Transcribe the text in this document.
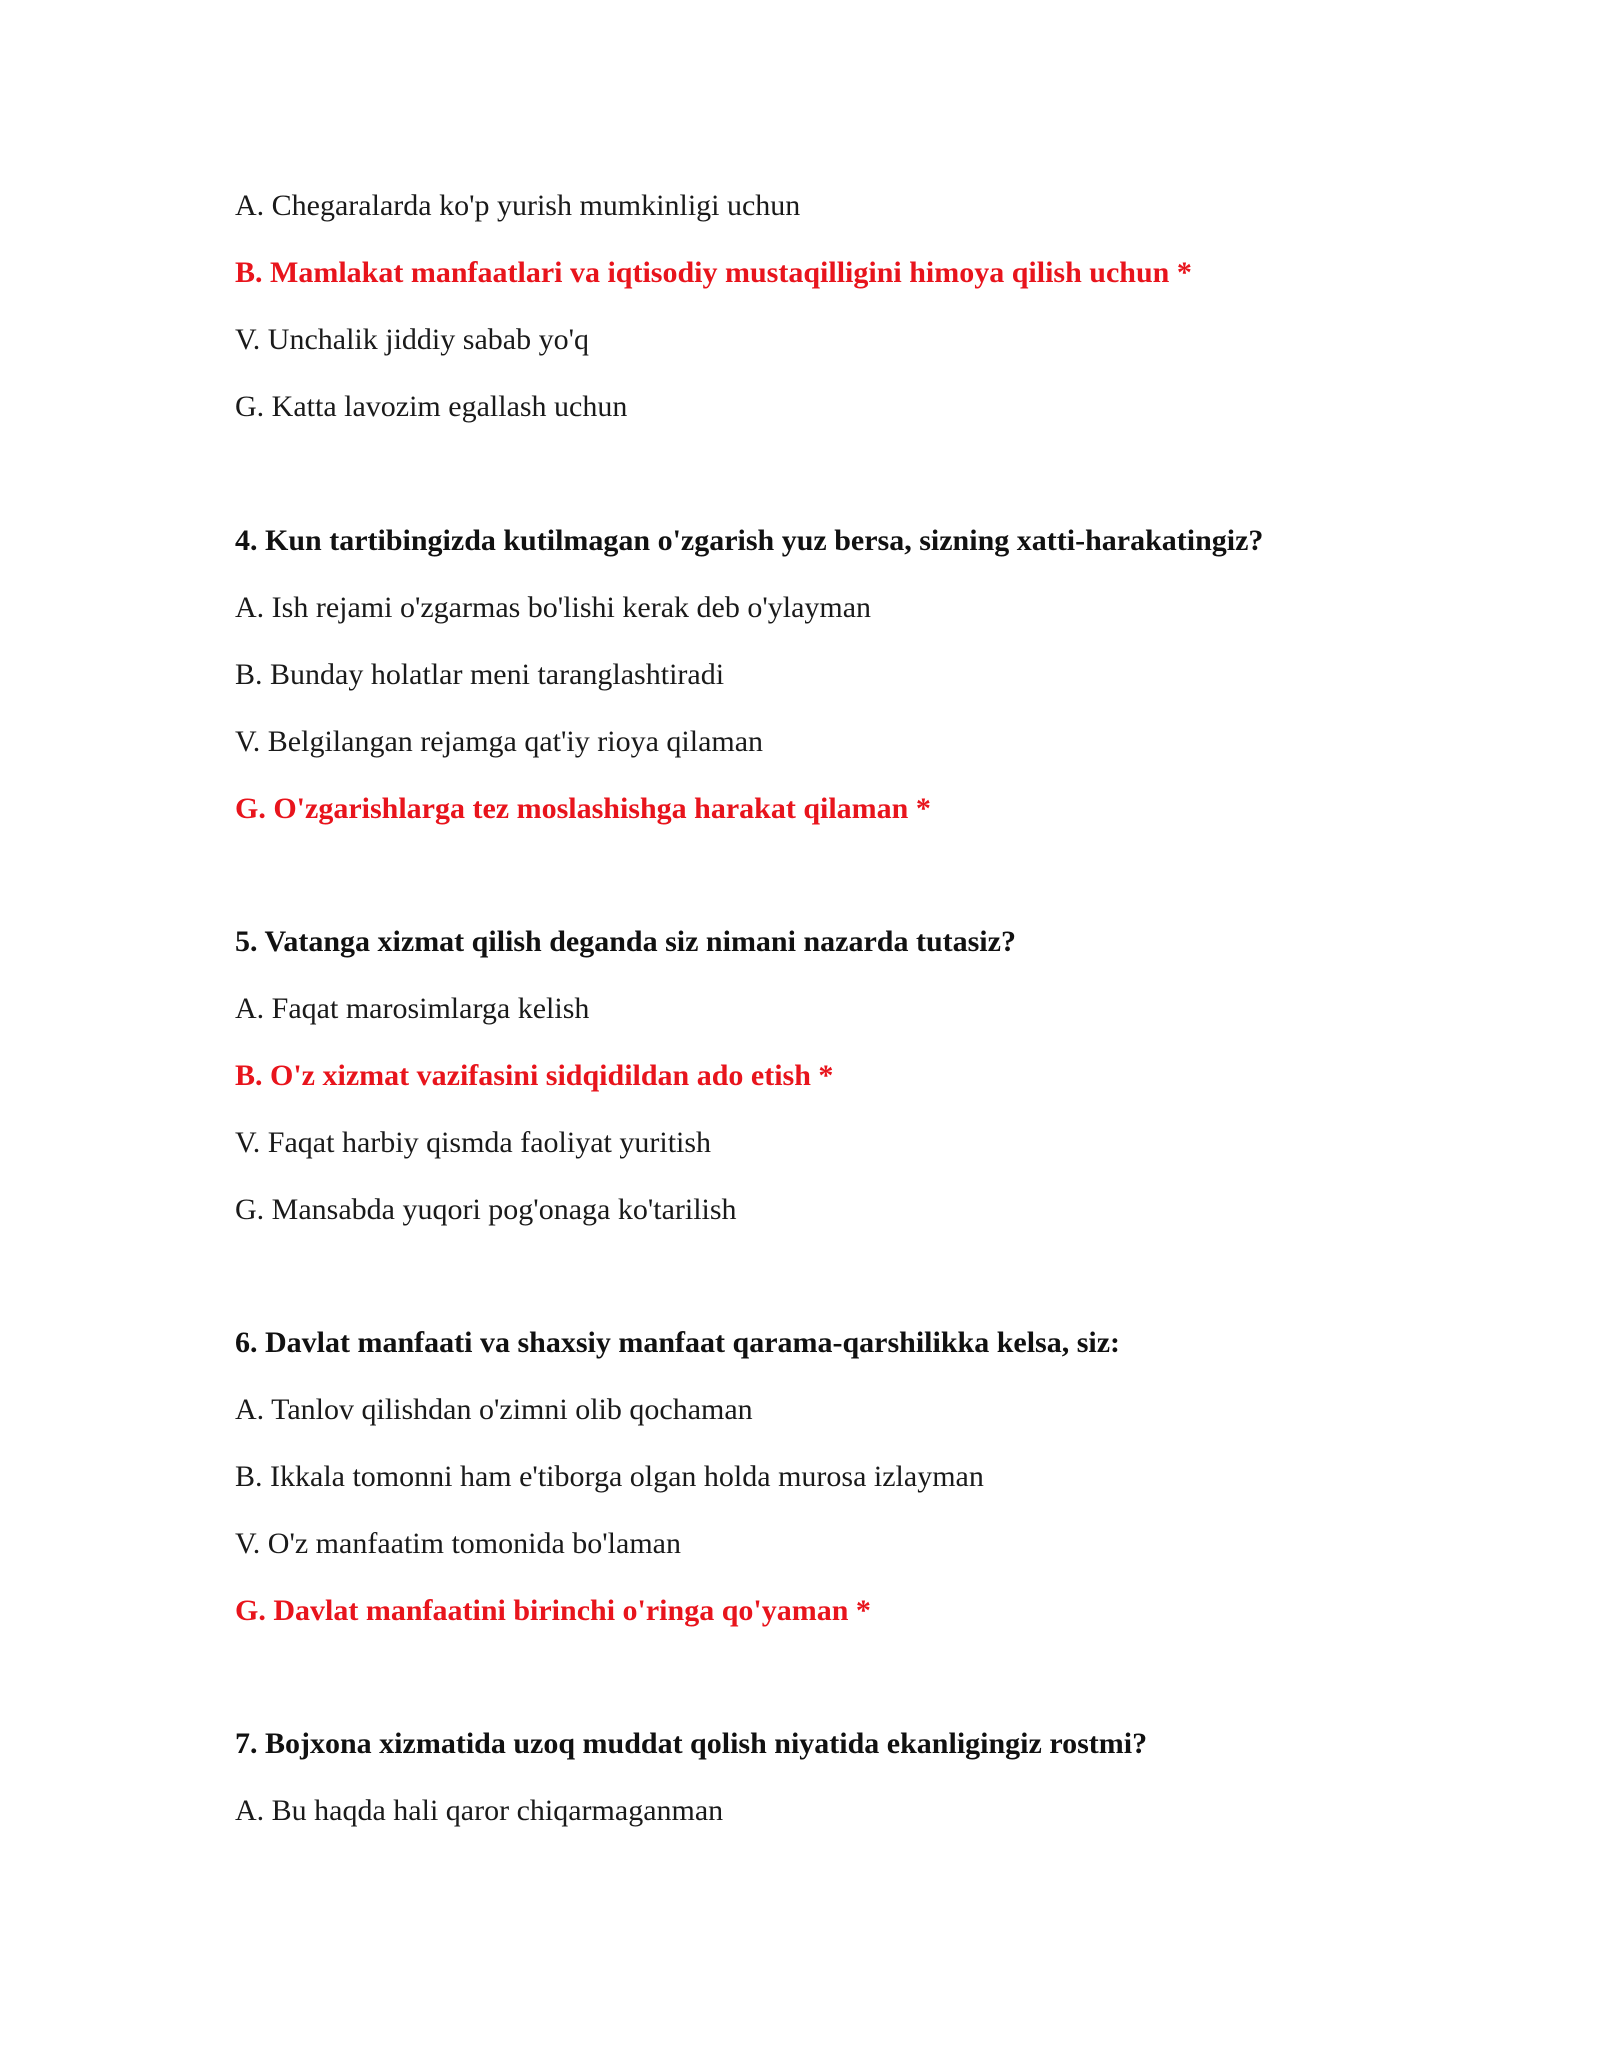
A. Chegaralarda ko'p yurish mumkinligi uchun
B. Mamlakat manfaatlari va iqtisodiy mustaqilligini himoya qilish uchun *
V. Unchalik jiddiy sabab yo'q
G. Katta lavozim egallash uchun
4. Kun tartibingizda kutilmagan o'zgarish yuz bersa, sizning xatti-harakatingiz?
A. Ish rejami o'zgarmas bo'lishi kerak deb o'ylayman
B. Bunday holatlar meni taranglashtiradi
V. Belgilangan rejamga qat'iy rioya qilaman
G. O'zgarishlarga tez moslashishga harakat qilaman *
5. Vatanga xizmat qilish deganda siz nimani nazarda tutasiz?
A. Faqat marosimlarga kelish
B. O'z xizmat vazifasini sidqidildan ado etish *
V. Faqat harbiy qismda faoliyat yuritish
G. Mansabda yuqori pog'onaga ko'tarilish
6. Davlat manfaati va shaxsiy manfaat qarama-qarshilikka kelsa, siz:
A. Tanlov qilishdan o'zimni olib qochaman
B. Ikkala tomonni ham e'tiborga olgan holda murosa izlayman
V. O'z manfaatim tomonida bo'laman
G. Davlat manfaatini birinchi o'ringa qo'yaman *
7. Bojxona xizmatida uzoq muddat qolish niyatida ekanligingiz rostmi?
A. Bu haqda hali qaror chiqarmaganman
